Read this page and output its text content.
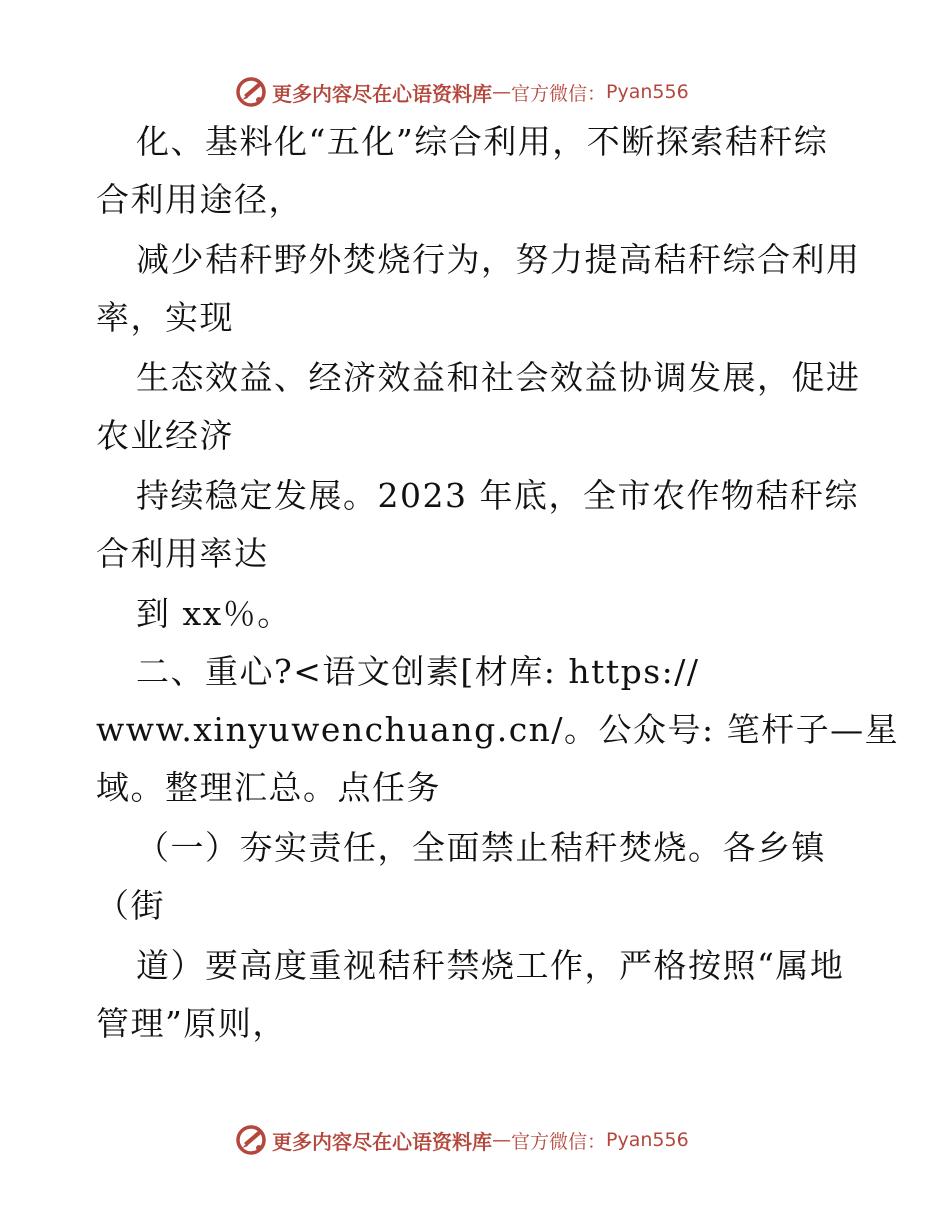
更多内容尽在心语资料库 — 官方微信： Pyan556
化、基料化“五化”综合利用，不断探索秸秆综
合利用途径，
减少秸秆野外焚烧行为，努力提高秸秆综合利用
率，实现
生态效益、经济效益和社会效益协调发展，促进
农业经济
持续稳定发展。2023 年底，全市农作物秸秆综
合利用率达
到 xx％。
二、重心?<语文创素[材库: https://
www.xinyuwenchuang.cn/。公众号: 笔杆子—星
域。整理汇总。点任务
（一）夯实责任，全面禁止秸秆焚烧。各乡镇
（街
道）要高度重视秸秆禁烧工作，严格按照“属地
管理”原则，
更多内容尽在心语资料库 — 官方微信： Pyan556
